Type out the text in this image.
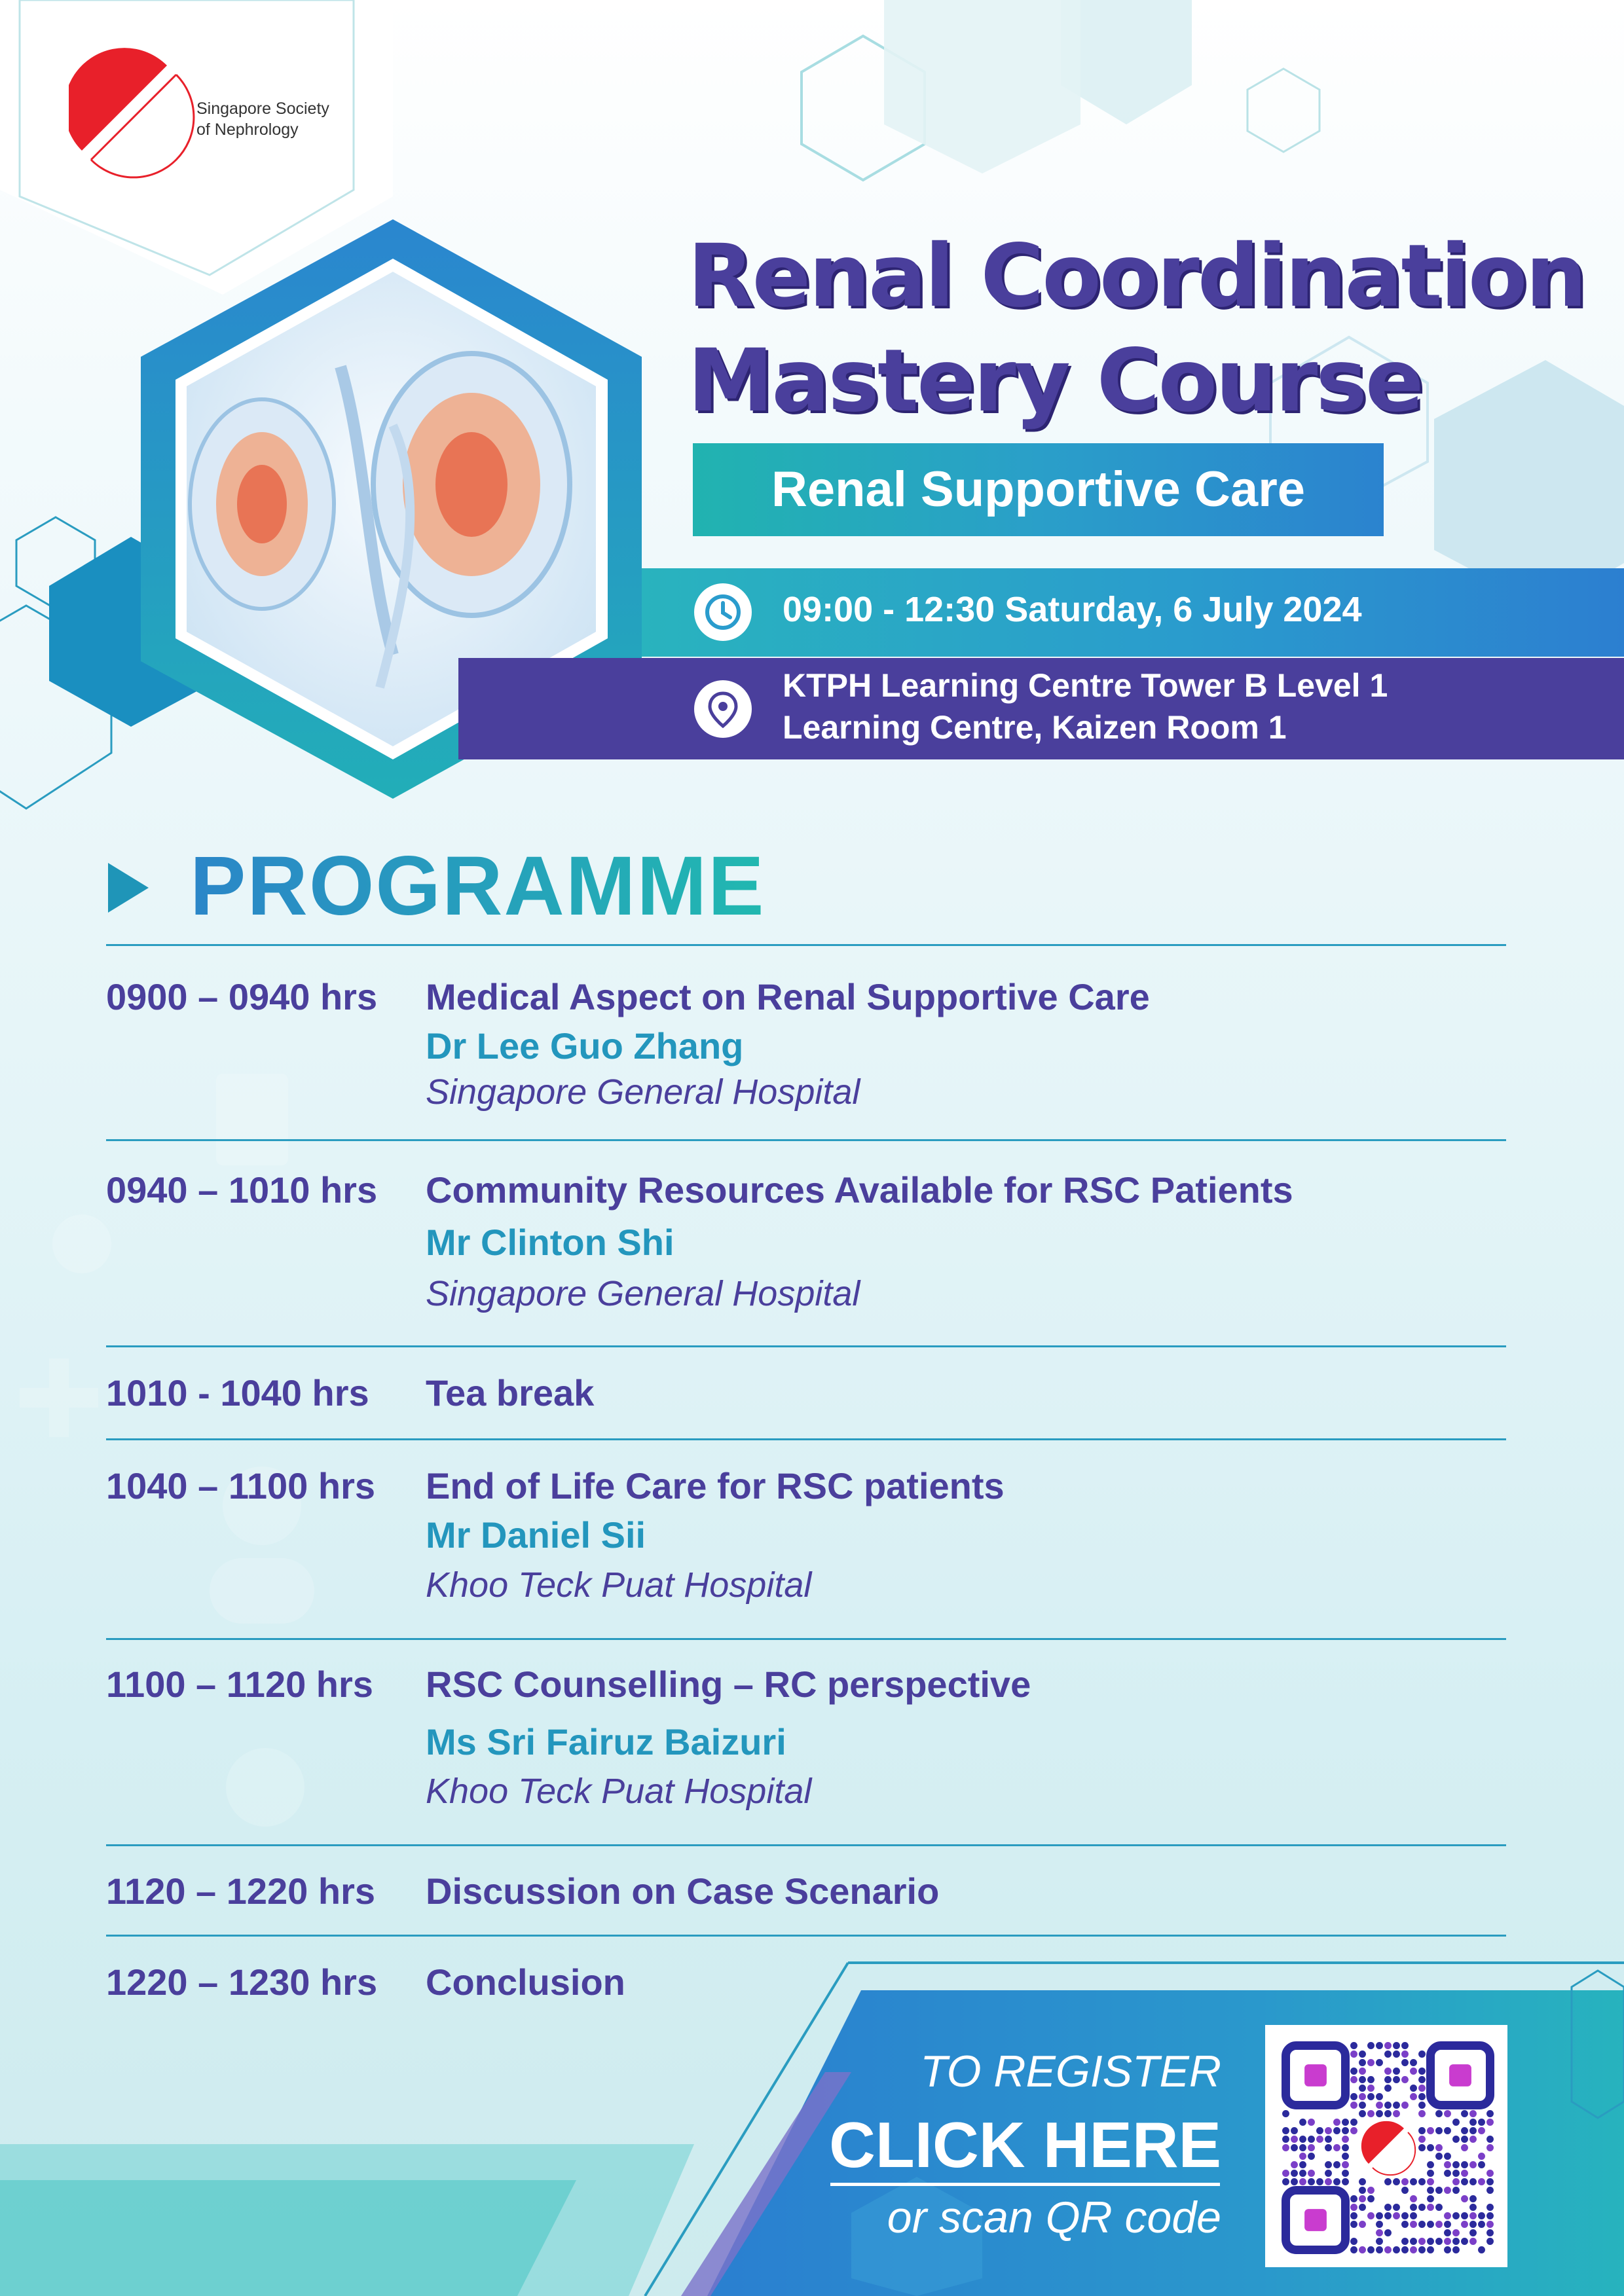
Singapore Society
of Nephrology
Renal Coordination
Mastery Course
Renal Supportive Care
09:00 - 12:30 Saturday, 6 July 2024
KTPH Learning Centre Tower B Level 1
Learning Centre, Kaizen Room 1
PROGRAMME
0900 – 0940 hrs Medical Aspect on Renal Supportive Care
Dr Lee Guo Zhang
Singapore General Hospital
0940 – 1010 hrs Community Resources Available for RSC Patients
Mr Clinton Shi
Singapore General Hospital
1010 - 1040 hrs Tea break
1040 – 1100 hrs End of Life Care for RSC patients
Mr Daniel Sii
Khoo Teck Puat Hospital
1100 – 1120 hrs RSC Counselling – RC perspective
Ms Sri Fairuz Baizuri
Khoo Teck Puat Hospital
1120 – 1220 hrs Discussion on Case Scenario
1220 – 1230 hrs Conclusion
TO REGISTER
CLICK HERE
or scan QR code
